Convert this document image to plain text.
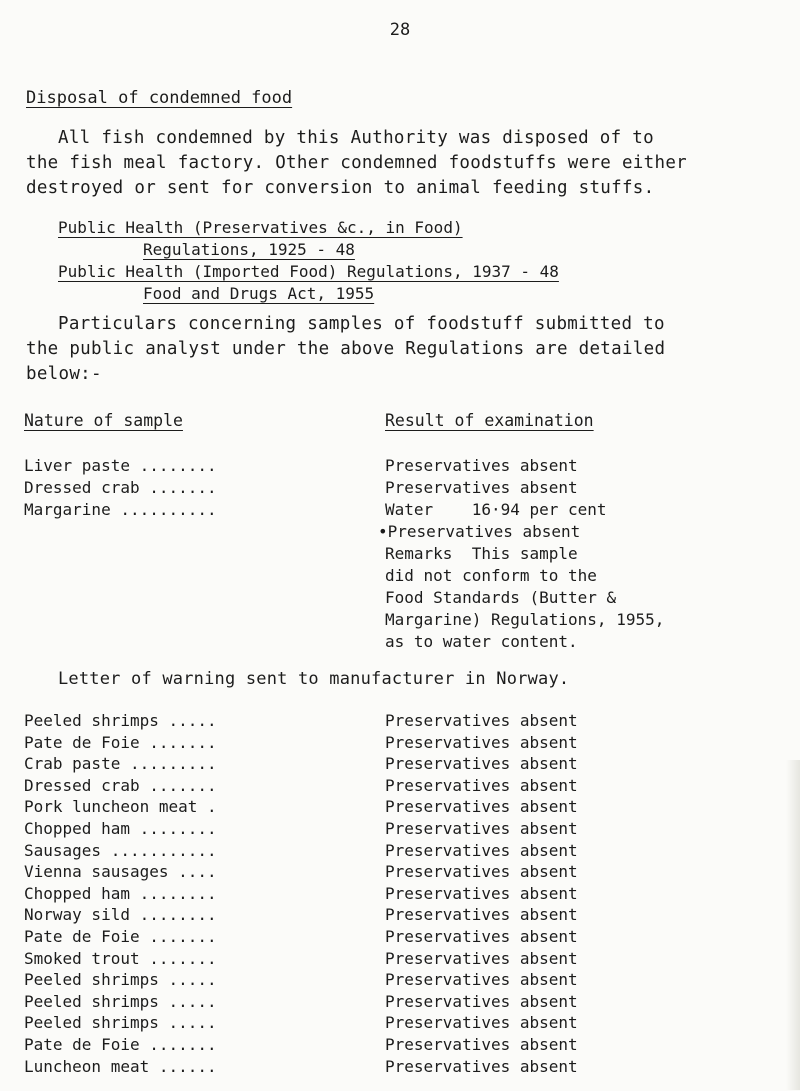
28
Disposal of condemned food
All fish condemned by this Authority was disposed of to
the fish meal factory. Other condemned foodstuffs were either
destroyed or sent for conversion to animal feeding stuffs.
Public Health (Preservatives &c., in Food)
Regulations, 1925 - 48
Public Health (Imported Food) Regulations, 1937 - 48
Food and Drugs Act, 1955
Particulars concerning samples of foodstuff submitted to
the public analyst under the above Regulations are detailed
below:-
Nature of sample	Result of examination
Liver paste ........	Preservatives absent
Dressed crab .......	Preservatives absent
Margarine ..........	Water    16·94 per cent
•Preservatives absent
Remarks  This sample
did not conform to the
Food Standards (Butter &
Margarine) Regulations, 1955,
as to water content.
Letter of warning sent to manufacturer in Norway.
Peeled shrimps .....	Preservatives absent
Pate de Foie .......	Preservatives absent
Crab paste .........	Preservatives absent
Dressed crab .......	Preservatives absent
Pork luncheon meat .	Preservatives absent
Chopped ham ........	Preservatives absent
Sausages ...........	Preservatives absent
Vienna sausages ....	Preservatives absent
Chopped ham ........	Preservatives absent
Norway sild ........	Preservatives absent
Pate de Foie .......	Preservatives absent
Smoked trout .......	Preservatives absent
Peeled shrimps .....	Preservatives absent
Peeled shrimps .....	Preservatives absent
Peeled shrimps .....	Preservatives absent
Pate de Foie .......	Preservatives absent
Luncheon meat ......	Preservatives absent
